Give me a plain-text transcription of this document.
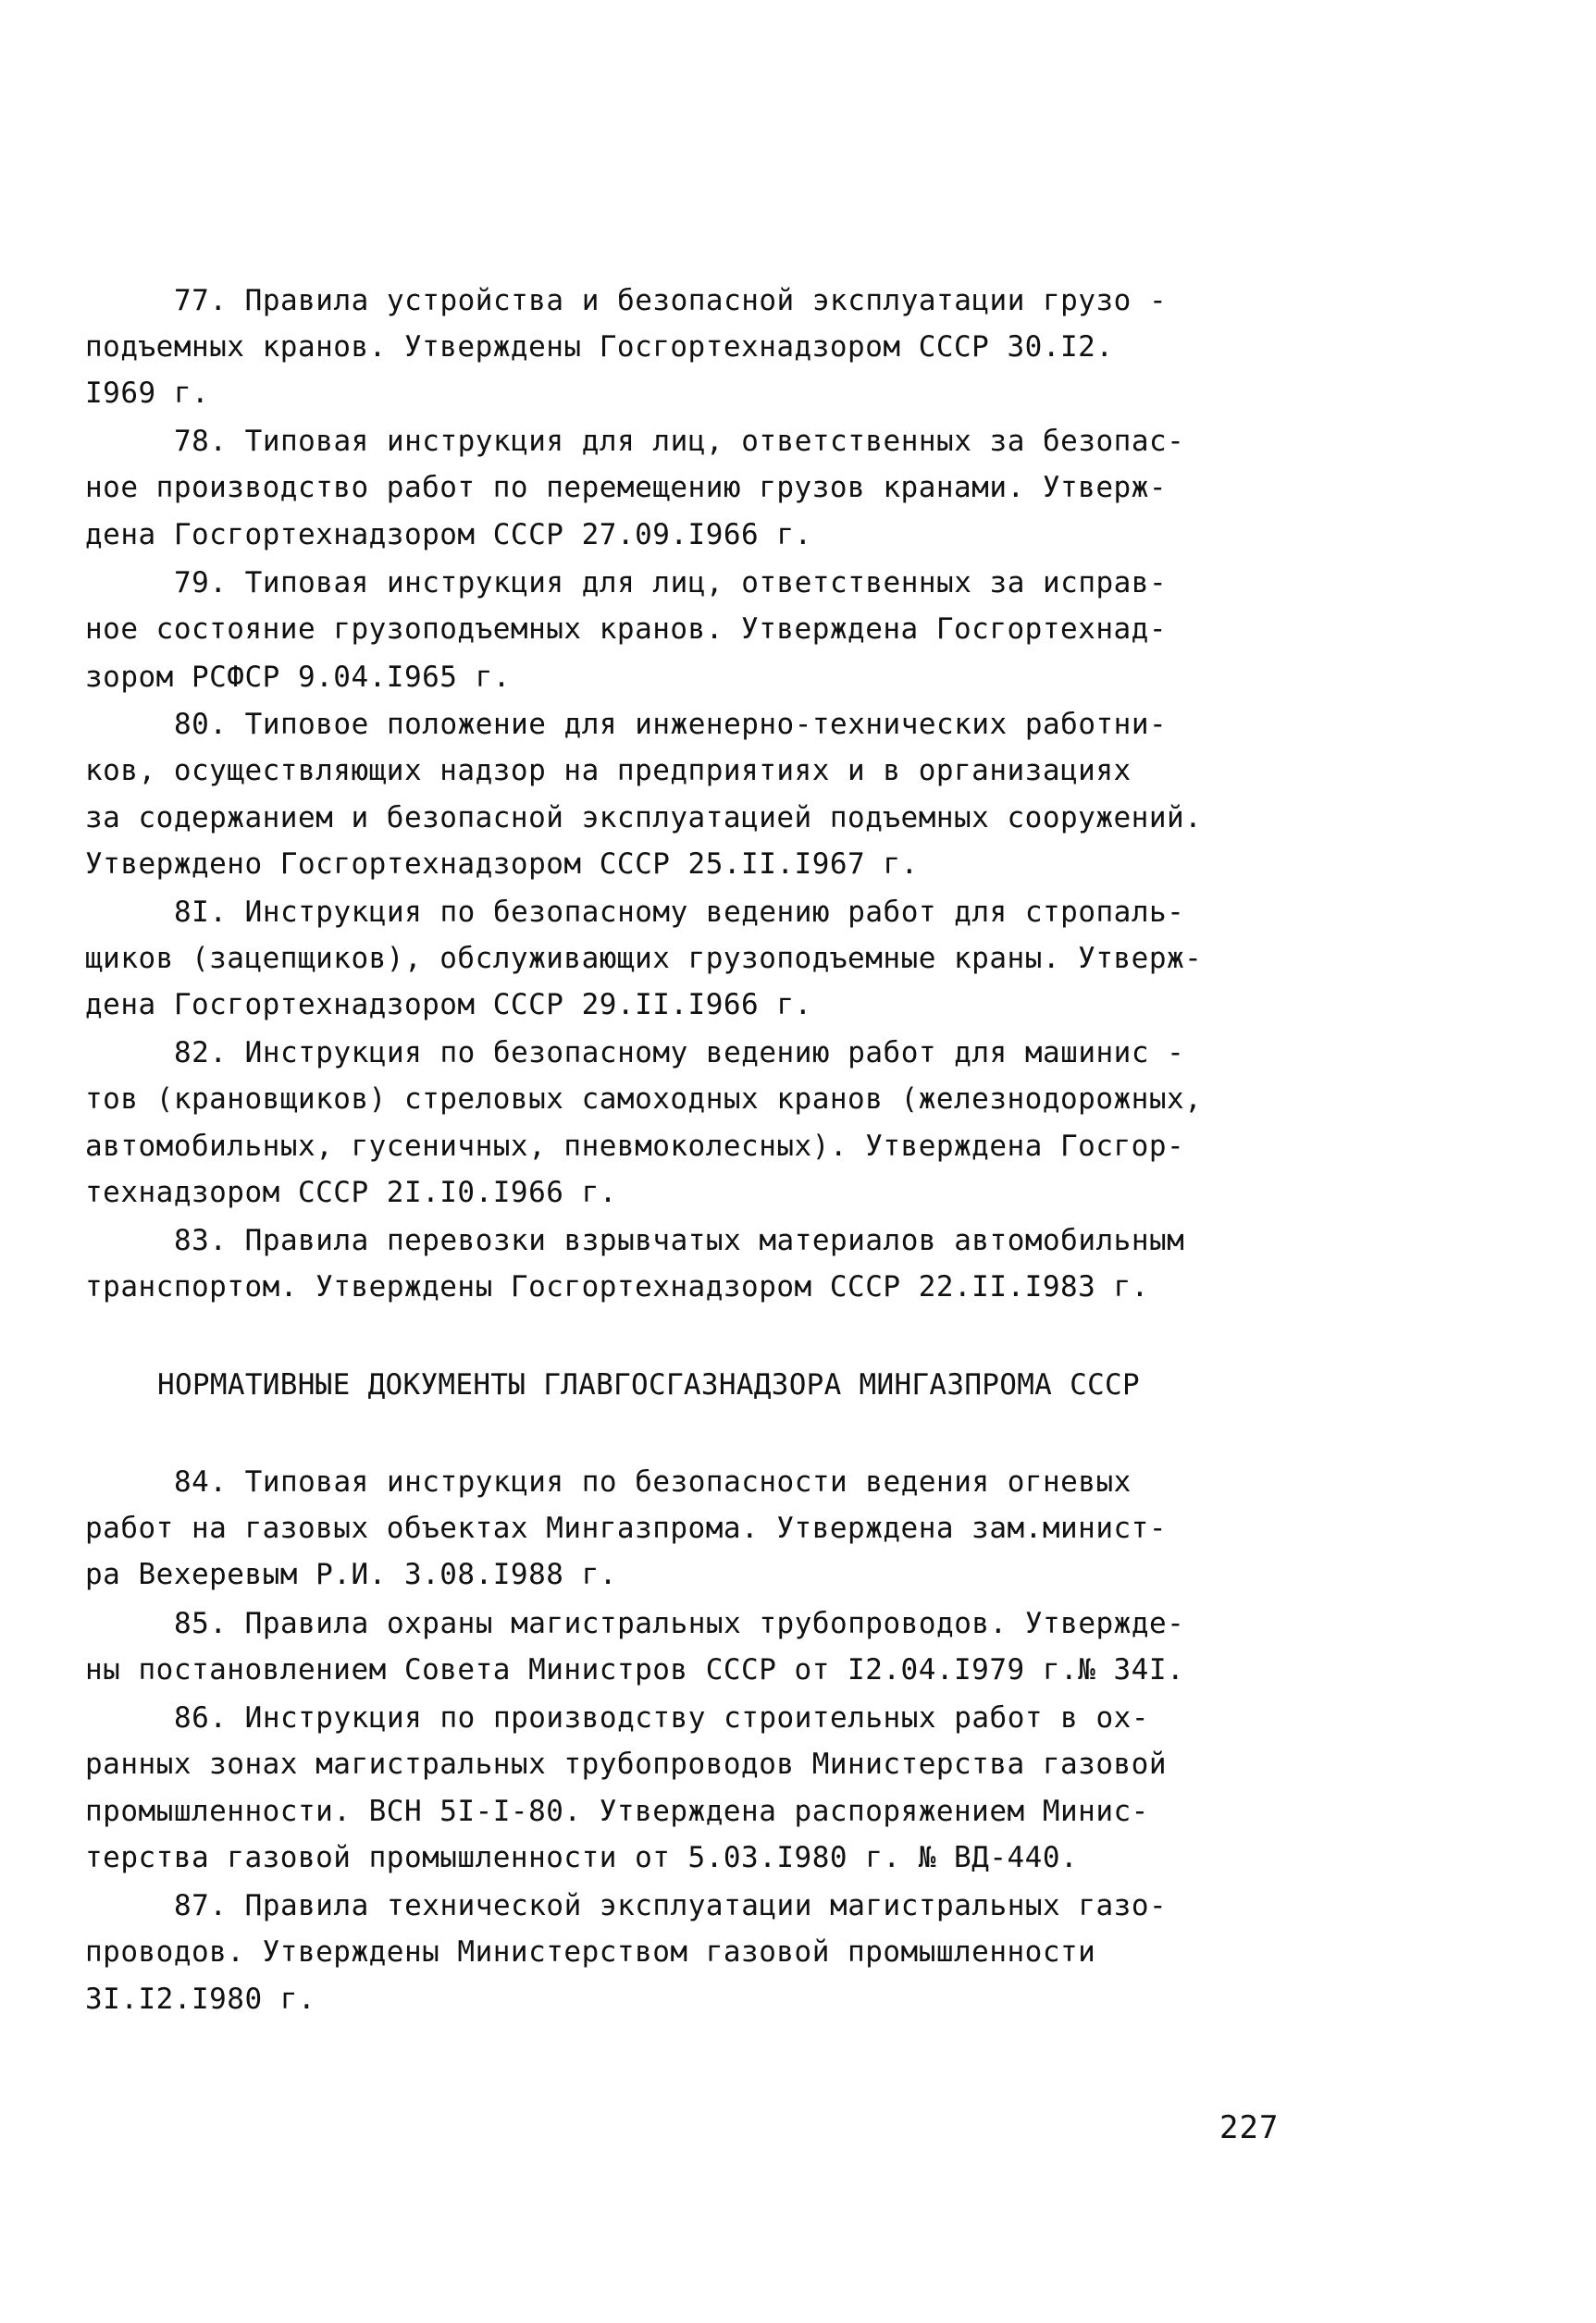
77. Правила устройства и безопасной эксплуатации грузо -
подъемных кранов. Утверждены Госгортехнадзором СССР 30.I2.
I969 г.
78. Типовая инструкция для лиц, ответственных за безопас-
ное производство работ по перемещению грузов кранами. Утверж-
дена Госгортехнадзором СССР 27.09.I966 г.
79. Типовая инструкция для лиц, ответственных за исправ-
ное состояние грузоподъемных кранов. Утверждена Госгортехнад-
зором РСФСР 9.04.I965 г.
80. Типовое положение для инженерно-технических работни-
ков, осуществляющих надзор на предприятиях и в организациях
за содержанием и безопасной эксплуатацией подъемных сооружений.
Утверждено Госгортехнадзором СССР 25.II.I967 г.
8I. Инструкция по безопасному ведению работ для стропаль-
щиков (зацепщиков), обслуживающих грузоподъемные краны. Утверж-
дена Госгортехнадзором СССР 29.II.I966 г.
82. Инструкция по безопасному ведению работ для машинис -
тов (крановщиков) стреловых самоходных кранов (железнодорожных,
автомобильных, гусеничных, пневмоколесных). Утверждена Госгор-
технадзором СССР 2I.I0.I966 г.
83. Правила перевозки взрывчатых материалов автомобильным
транспортом. Утверждены Госгортехнадзором СССР 22.II.I983 г.
НОРМАТИВНЫЕ ДОКУМЕНТЫ ГЛАВГОСГАЗНАДЗОРА МИНГАЗПРОМА СССР
84. Типовая инструкция по безопасности ведения огневых
работ на газовых объектах Мингазпрома. Утверждена зам.минист-
ра Вехеревым Р.И. 3.08.I988 г.
85. Правила охраны магистральных трубопроводов. Утвержде-
ны постановлением Совета Министров СССР от I2.04.I979 г.№ 34I.
86. Инструкция по производству строительных работ в ох-
ранных зонах магистральных трубопроводов Министерства газовой
промышленности. ВСН 5I-I-80. Утверждена распоряжением Минис-
терства газовой промышленности от 5.03.I980 г. № ВД-440.
87. Правила технической эксплуатации магистральных газо-
проводов. Утверждены Министерством газовой промышленности
3I.I2.I980 г.
227
